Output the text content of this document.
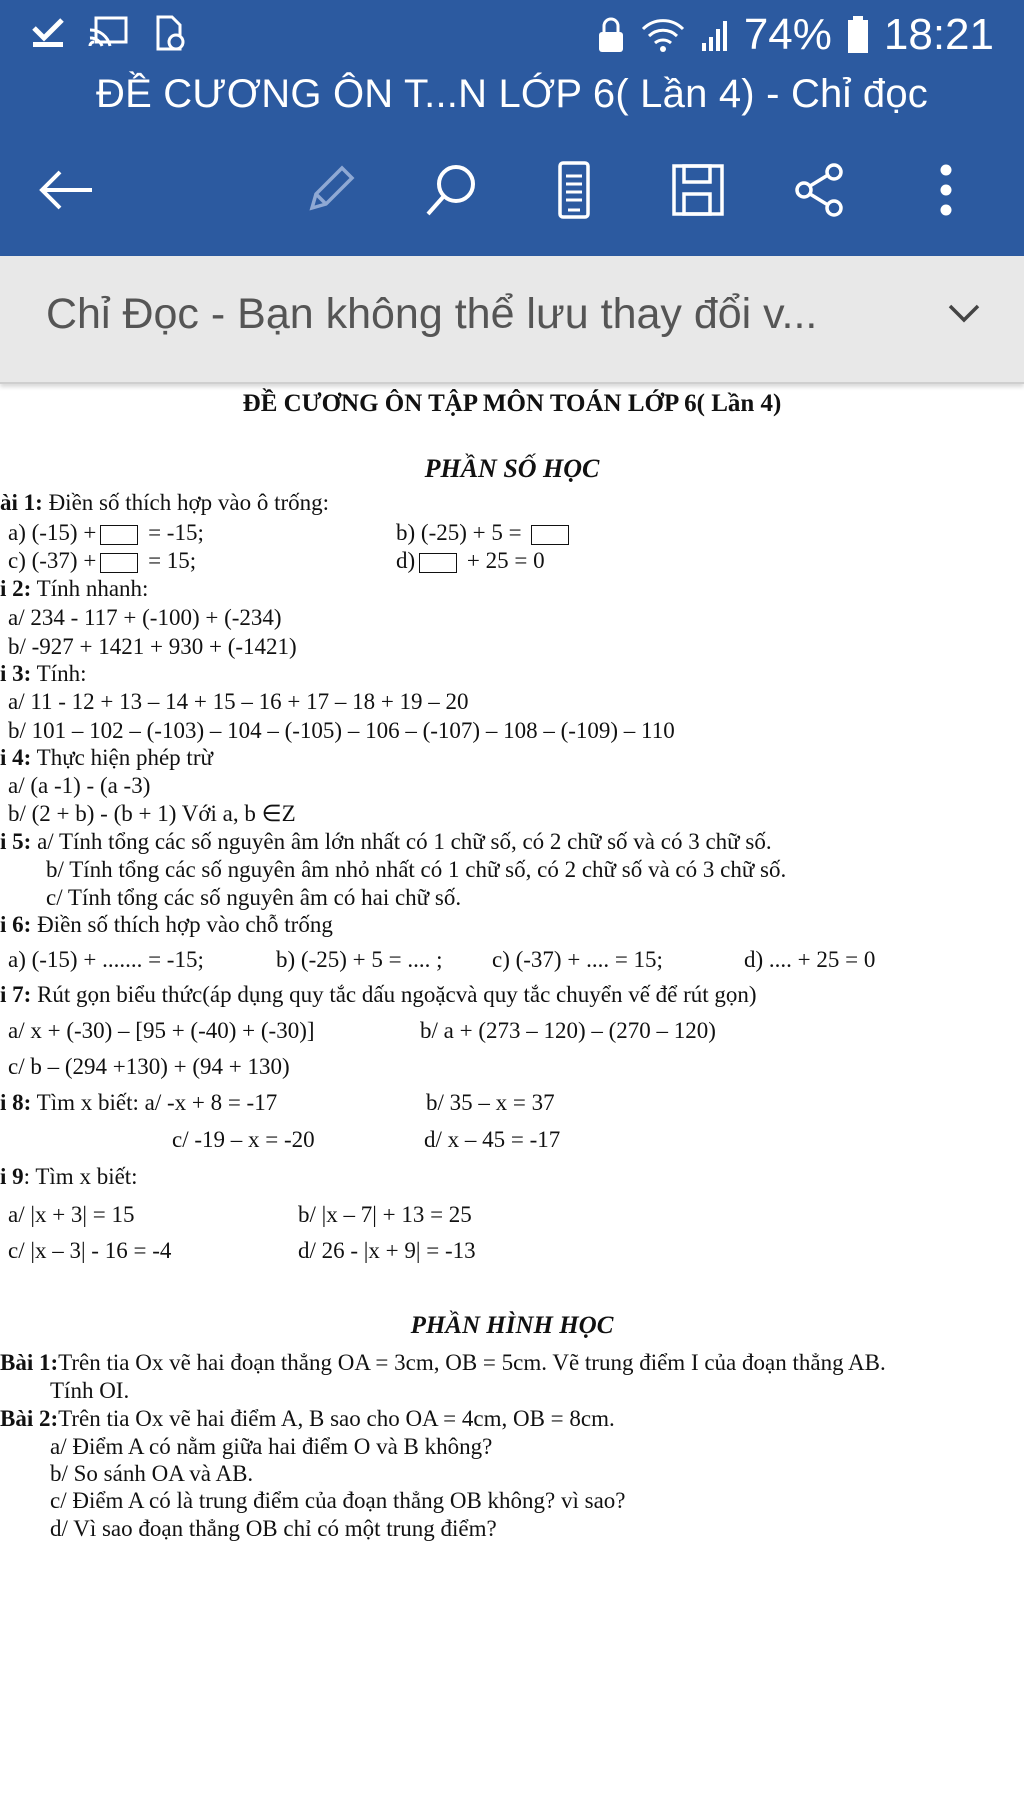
74% 18:21
ĐỀ CƯƠNG ÔN T...N LỚP 6( Lần 4) - Chỉ đọc
Chỉ Đọc - Bạn không thể lưu thay đổi v...
ĐỀ CƯƠNG ÔN TẬP MÔN TOÁN LỚP 6( Lần 4)
PHẦN SỐ HỌC
ài 1: Điền số thích hợp vào ô trống:
a) (-15) + = -15;	b) (-25) + 5 =
c) (-37) + = 15;	d) + 25 = 0
i 2: Tính nhanh:
a/ 234 - 117 + (-100) + (-234)
b/ -927 + 1421 + 930 + (-1421)
i 3: Tính:
a/ 11 - 12 + 13 – 14 + 15 – 16 + 17 – 18 + 19 – 20
b/ 101 – 102 – (-103) – 104 – (-105) – 106 – (-107) – 108 – (-109) – 110
i 4: Thực hiện phép trừ
a/ (a -1) - (a -3)
b/ (2 + b) - (b + 1) Với a, b ∈Z
i 5: a/ Tính tổng các số nguyên âm lớn nhất có 1 chữ số, có 2 chữ số và có 3 chữ số.
b/ Tính tổng các số nguyên âm nhỏ nhất có 1 chữ số, có 2 chữ số và có 3 chữ số.
c/ Tính tổng các số nguyên âm có hai chữ số.
i 6: Điền số thích hợp vào chỗ trống
a) (-15) + ....... = -15;	b) (-25) + 5 = .... ; c) (-37) + .... = 15;	d) .... + 25 = 0
i 7: Rút gọn biểu thức(áp dụng quy tắc dấu ngoặcvà quy tắc chuyển vế để rút gọn)
a/ x + (-30) – [95 + (-40) + (-30)]	b/ a + (273 – 120) – (270 – 120)
c/ b – (294 +130) + (94 + 130)
i 8: Tìm x biết: a/ -x + 8 = -17	b/ 35 – x = 37
c/ -19 – x = -20	d/ x – 45 = -17
i 9: Tìm x biết:
a/ |x + 3| = 15	b/ |x – 7| + 13 = 25
c/ |x – 3| - 16 = -4	d/ 26 - |x + 9| = -13
PHẦN HÌNH HỌC
Bài 1:Trên tia Ox vẽ hai đoạn thẳng OA = 3cm, OB = 5cm. Vẽ trung điểm I của đoạn thẳng AB.
Tính OI.
Bài 2:Trên tia Ox vẽ hai điểm A, B sao cho OA = 4cm, OB = 8cm.
a/ Điểm A có nằm giữa hai điểm O và B không?
b/ So sánh OA và AB.
c/ Điểm A có là trung điểm của đoạn thẳng OB không? vì sao?
d/ Vì sao đoạn thẳng OB chỉ có một trung điểm?
